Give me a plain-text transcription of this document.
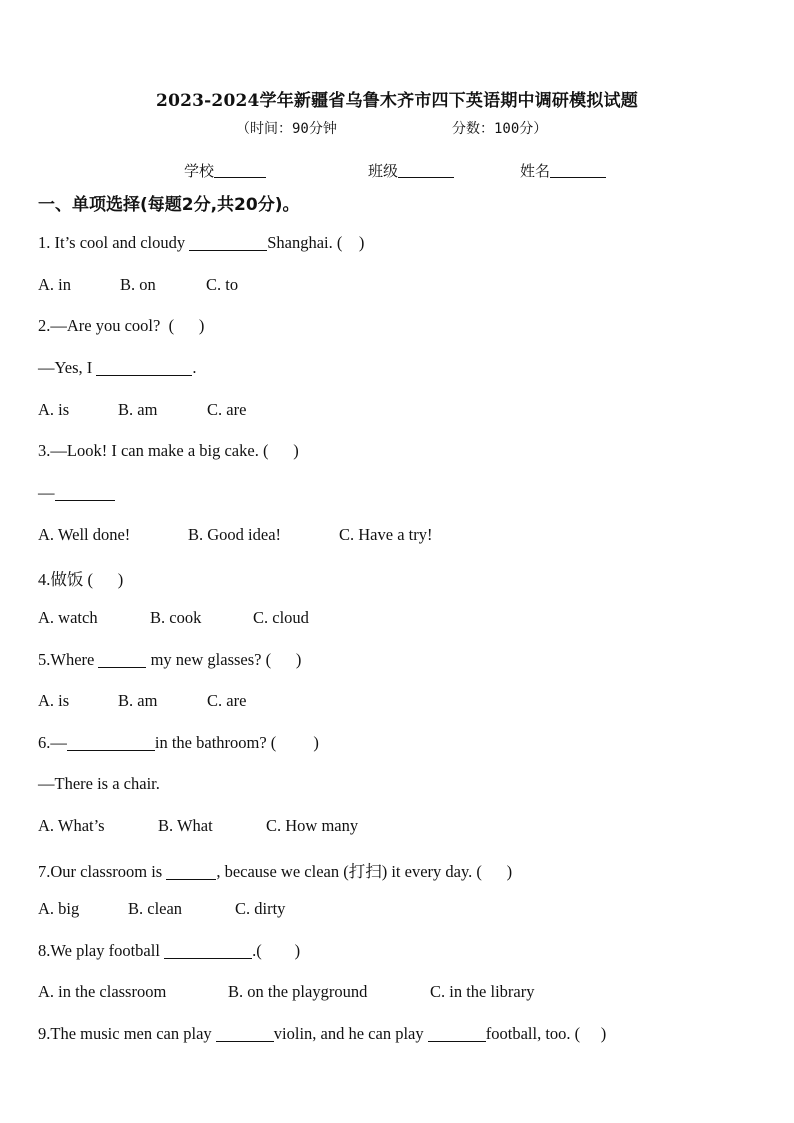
2023-2024学年新疆省乌鲁木齐市四下英语期中调研模拟试题
（时间：90分钟	分数：100分）
学校	班级	姓名
一、单项选择(每题2分,共20分)。
1. It’s cool and cloudy	Shanghai. (    )
A. in	B. on	C. to
2.—Are you cool?  (      )
—Yes, I	.
A. is	B. am	C. are
3.—Look! I can make a big cake. (      )
—
A. Well done!	B. Good idea!	C. Have a try!
4.做饭 (      )
A. watch	B. cook	C. cloud
5.Where	my new glasses? (      )
A. is	B. am	C. are
6.—	in the bathroom? (         )
—There is a chair.
A. What’s	B. What	C. How many
7.Our classroom is	, because we clean (打扫) it every day. (      )
A. big	B. clean	C. dirty
8.We play football	.(        )
A. in the classroom	B. on the playground	C. in the library
9.The music men can play	violin, and he can play	football, too. (     )
